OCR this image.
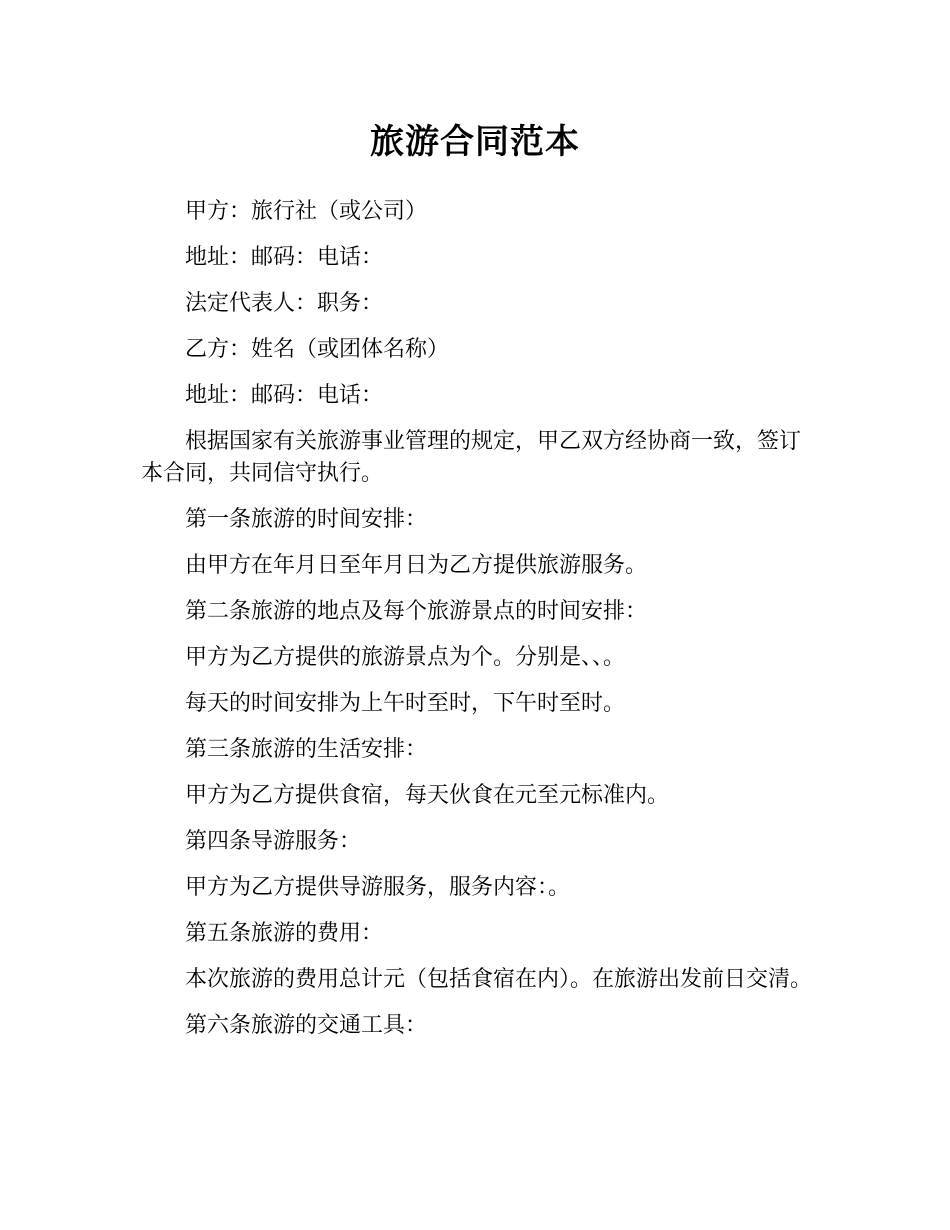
旅游合同范本

甲方：旅行社（或公司）

地址：邮码：电话：

法定代表人：职务：

乙方：姓名（或团体名称）

地址：邮码：电话：

根据国家有关旅游事业管理的规定，甲乙双方经协商一致，签订本合同，共同信守执行。

第一条旅游的时间安排：

由甲方在年月日至年月日为乙方提供旅游服务。

第二条旅游的地点及每个旅游景点的时间安排：

甲方为乙方提供的旅游景点为个。分别是、、。

每天的时间安排为上午时至时，下午时至时。

第三条旅游的生活安排：

甲方为乙方提供食宿，每天伙食在元至元标准内。

第四条导游服务：

甲方为乙方提供导游服务，服务内容：。

第五条旅游的费用：

本次旅游的费用总计元（包括食宿在内）。在旅游出发前日交清。

第六条旅游的交通工具：
